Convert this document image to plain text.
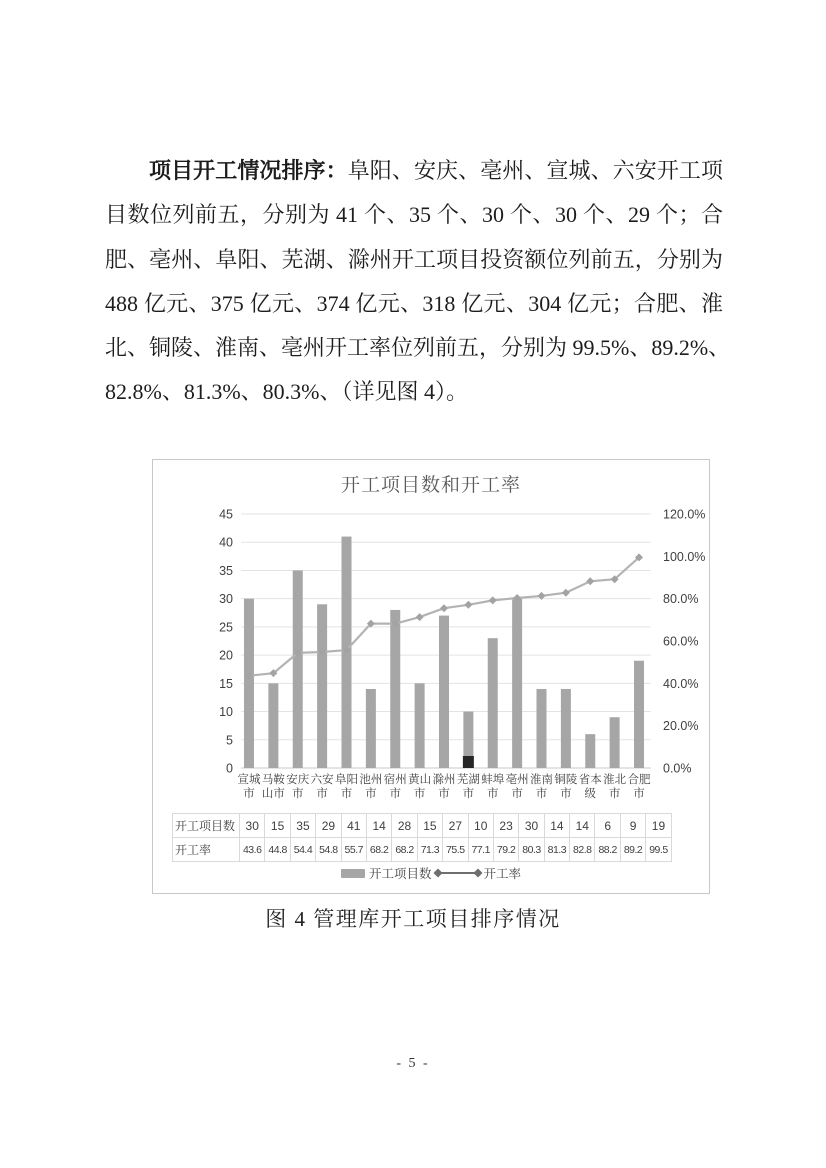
项目开工情况排序：阜阳、安庆、亳州、宣城、六安开工项
目数位列前五，分别为 41 个、35 个、30 个、30 个、29 个；合
肥、亳州、阜阳、芜湖、滁州开工项目投资额位列前五，分别为
488 亿元、375 亿元、374 亿元、318 亿元、304 亿元；合肥、淮
北、铜陵、淮南、亳州开工率位列前五，分别为 99.5%、89.2%、
82.8%、81.3%、80.3%、（详见图 4）。
开工项目数和开工率
45
40
35
30
25
20
15
10
5
0
120.0%
100.0%
80.0%
60.0%
40.0%
20.0%
0.0%
宣城市
马鞍山市
安庆市
六安市
阜阳市
池州市
宿州市
黄山市
滁州市
芜湖市
蚌埠市
亳州市
淮南市
铜陵市
省本级
淮北市
合肥市
开工项目数	30	15	35	29	41	14	28	15	27	10	23	30	14	14	6	9	19
开工率	43.6	44.8	54.4	54.8	55.7	68.2	68.2	71.3	75.5	77.1	79.2	80.3	81.3	82.8	88.2	89.2	99.5
开工项目数	开工率
图 4 管理库开工项目排序情况
- 5 -
